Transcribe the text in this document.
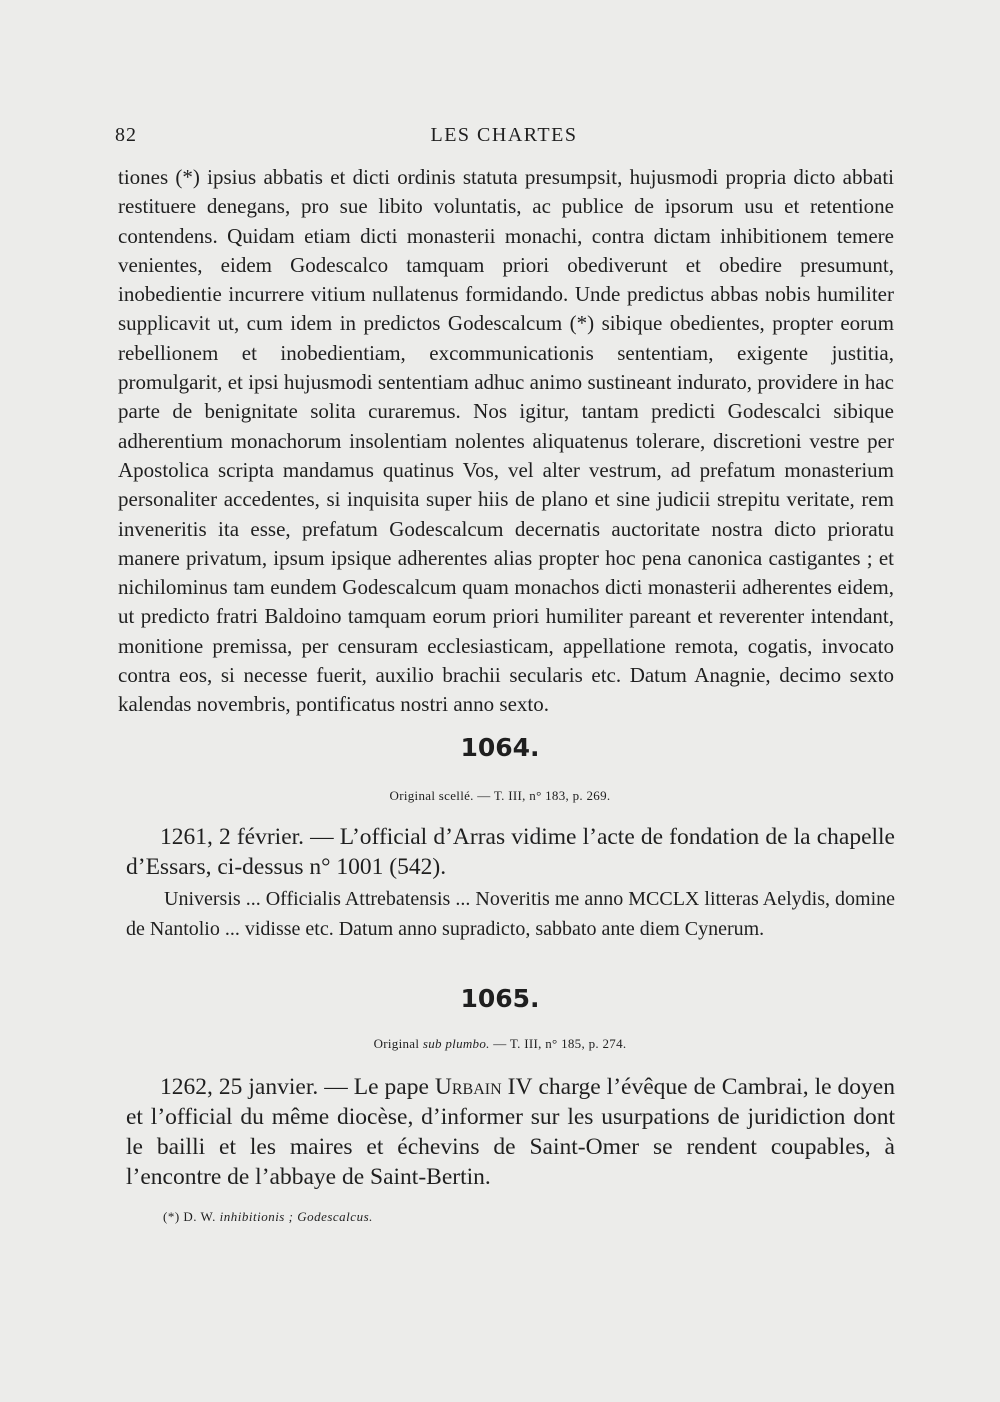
82	LES CHARTES

tiones (*) ipsius abbatis et dicti ordinis statuta presumpsit, hujusmodi propria dicto abbati restituere denegans, pro sue libito voluntatis, ac publice de ipsorum usu et retentione contendens. Quidam etiam dicti monasterii monachi, contra dictam inhibitionem temere venientes, eidem Godescalco tamquam priori obediverunt et obedire presumunt, inobedientie incurrere vitium nullatenus formidando. Unde predictus abbas nobis humiliter supplicavit ut, cum idem in predictos Godescalcum (*) sibique obedientes, propter eorum rebellionem et inobedientiam, excommunicationis sententiam, exigente justitia, promulgarit, et ipsi hujusmodi sententiam adhuc animo sustineant indurato, providere in hac parte de benignitate solita curaremus. Nos igitur, tantam predicti Godescalci sibique adherentium monachorum insolentiam nolentes aliquatenus tolerare, discretioni vestre per Apostolica scripta mandamus quatinus Vos, vel alter vestrum, ad prefatum monasterium personaliter accedentes, si inquisita super hiis de plano et sine judicii strepitu veritate, rem inveneritis ita esse, prefatum Godescalcum decernatis auctoritate nostra dicto prioratu manere privatum, ipsum ipsique adherentes alias propter hoc pena canonica castigantes ; et nichilominus tam eundem Godescalcum quam monachos dicti monasterii adherentes eidem, ut predicto fratri Baldoino tamquam eorum priori humiliter pareant et reverenter intendant, monitione premissa, per censuram ecclesiasticam, appellatione remota, cogatis, invocato contra eos, si necesse fuerit, auxilio brachii secularis etc. Datum Anagnie, decimo sexto kalendas novembris, pontificatus nostri anno sexto.

1064.
Original scellé. — T. III, n° 183, p. 269.

1261, 2 février. — L’official d’Arras vidime l’acte de fondation de la chapelle d’Essars, ci-dessus n° 1001 (542).

Universis ... Officialis Attrebatensis ... Noveritis me anno MCCLX litteras Aelydis, domine de Nantolio ... vidisse etc. Datum anno supradicto, sabbato ante diem Cynerum.

1065.
Original sub plumbo. — T. III, n° 185, p. 274.

1262, 25 janvier. — Le pape Urbain IV charge l’évêque de Cambrai, le doyen et l’official du même diocèse, d’informer sur les usurpations de juridiction dont le bailli et les maires et échevins de Saint-Omer se rendent coupables, à l’encontre de l’abbaye de Saint-Bertin.

(*) D. W. inhibitionis ; Godescalcus.
